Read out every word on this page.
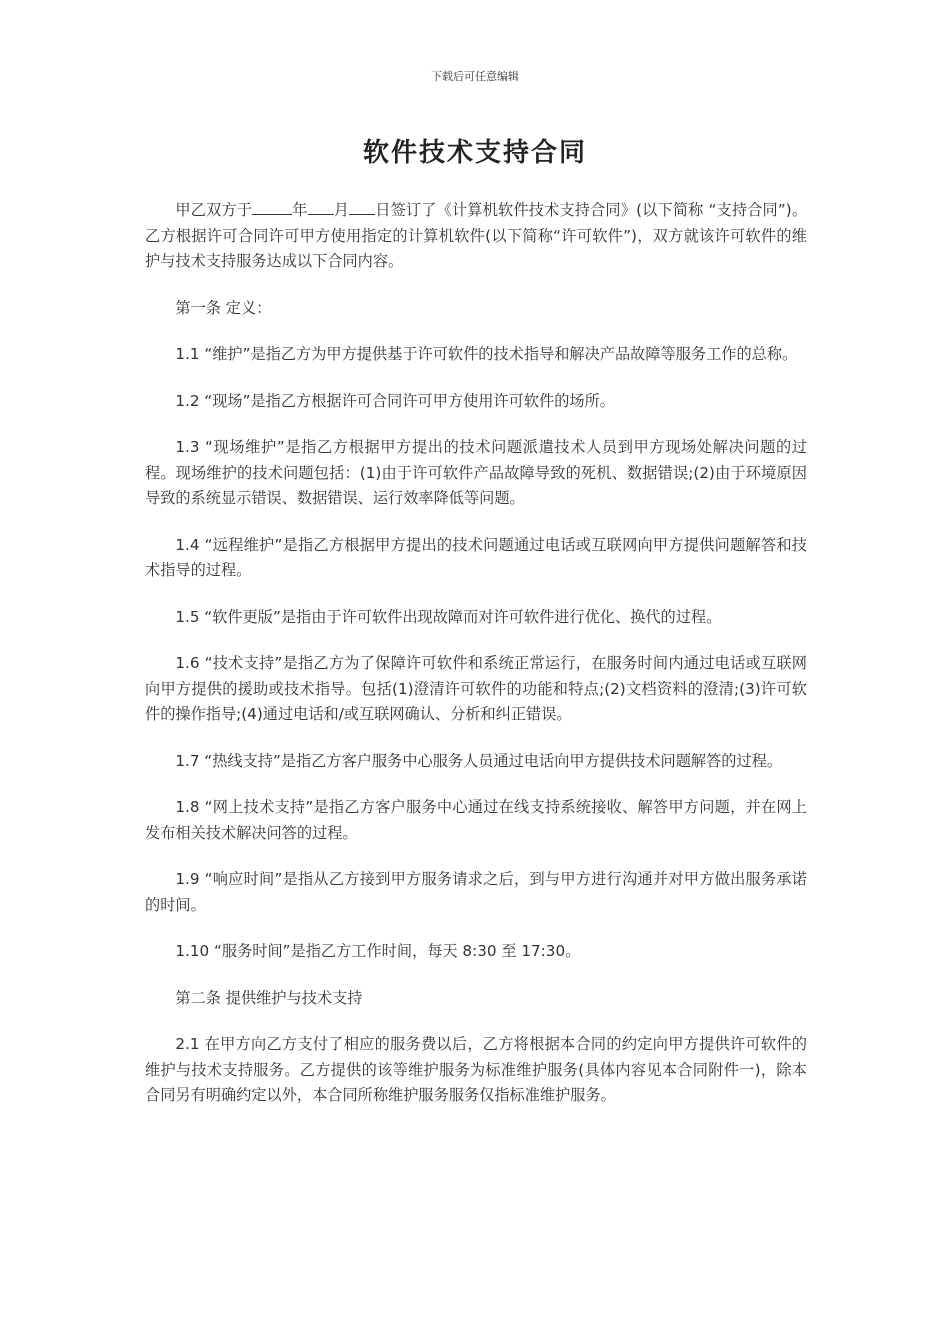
下载后可任意编辑
软件技术支持合同

甲乙双方于	年 月 日签订了《计算机软件技术支持合同》(以下简称 “支持合同”)。乙方根据许可合同许可甲方使用指定的计算机软件(以下简称“许可软件”)，双方就该许可软件的维护与技术支持服务达成以下合同内容。

第一条 定义：

1.1 “维护”是指乙方为甲方提供基于许可软件的技术指导和解决产品故障等服务工作的总称。

1.2 “现场”是指乙方根据许可合同许可甲方使用许可软件的场所。

1.3 “现场维护”是指乙方根据甲方提出的技术问题派遣技术人员到甲方现场处解决问题的过程。现场维护的技术问题包括：(1)由于许可软件产品故障导致的死机、数据错误;(2)由于环境原因导致的系统显示错误、数据错误、运行效率降低等问题。

1.4 “远程维护”是指乙方根据甲方提出的技术问题通过电话或互联网向甲方提供问题解答和技术指导的过程。

1.5 “软件更版”是指由于许可软件出现故障而对许可软件进行优化、换代的过程。

1.6 “技术支持”是指乙方为了保障许可软件和系统正常运行，在服务时间内通过电话或互联网向甲方提供的援助或技术指导。包括(1)澄清许可软件的功能和特点;(2)文档资料的澄清;(3)许可软件的操作指导;(4)通过电话和/或互联网确认、分析和纠正错误。

1.7 “热线支持”是指乙方客户服务中心服务人员通过电话向甲方提供技术问题解答的过程。

1.8 “网上技术支持”是指乙方客户服务中心通过在线支持系统接收、解答甲方问题，并在网上发布相关技术解决问答的过程。

1.9 “响应时间”是指从乙方接到甲方服务请求之后，到与甲方进行沟通并对甲方做出服务承诺的时间。

1.10 “服务时间”是指乙方工作时间，每天 8:30 至 17:30。

第二条 提供维护与技术支持

2.1 在甲方向乙方支付了相应的服务费以后，乙方将根据本合同的约定向甲方提供许可软件的维护与技术支持服务。乙方提供的该等维护服务为标准维护服务(具体内容见本合同附件一)，除本合同另有明确约定以外，本合同所称维护服务服务仅指标准维护服务。
